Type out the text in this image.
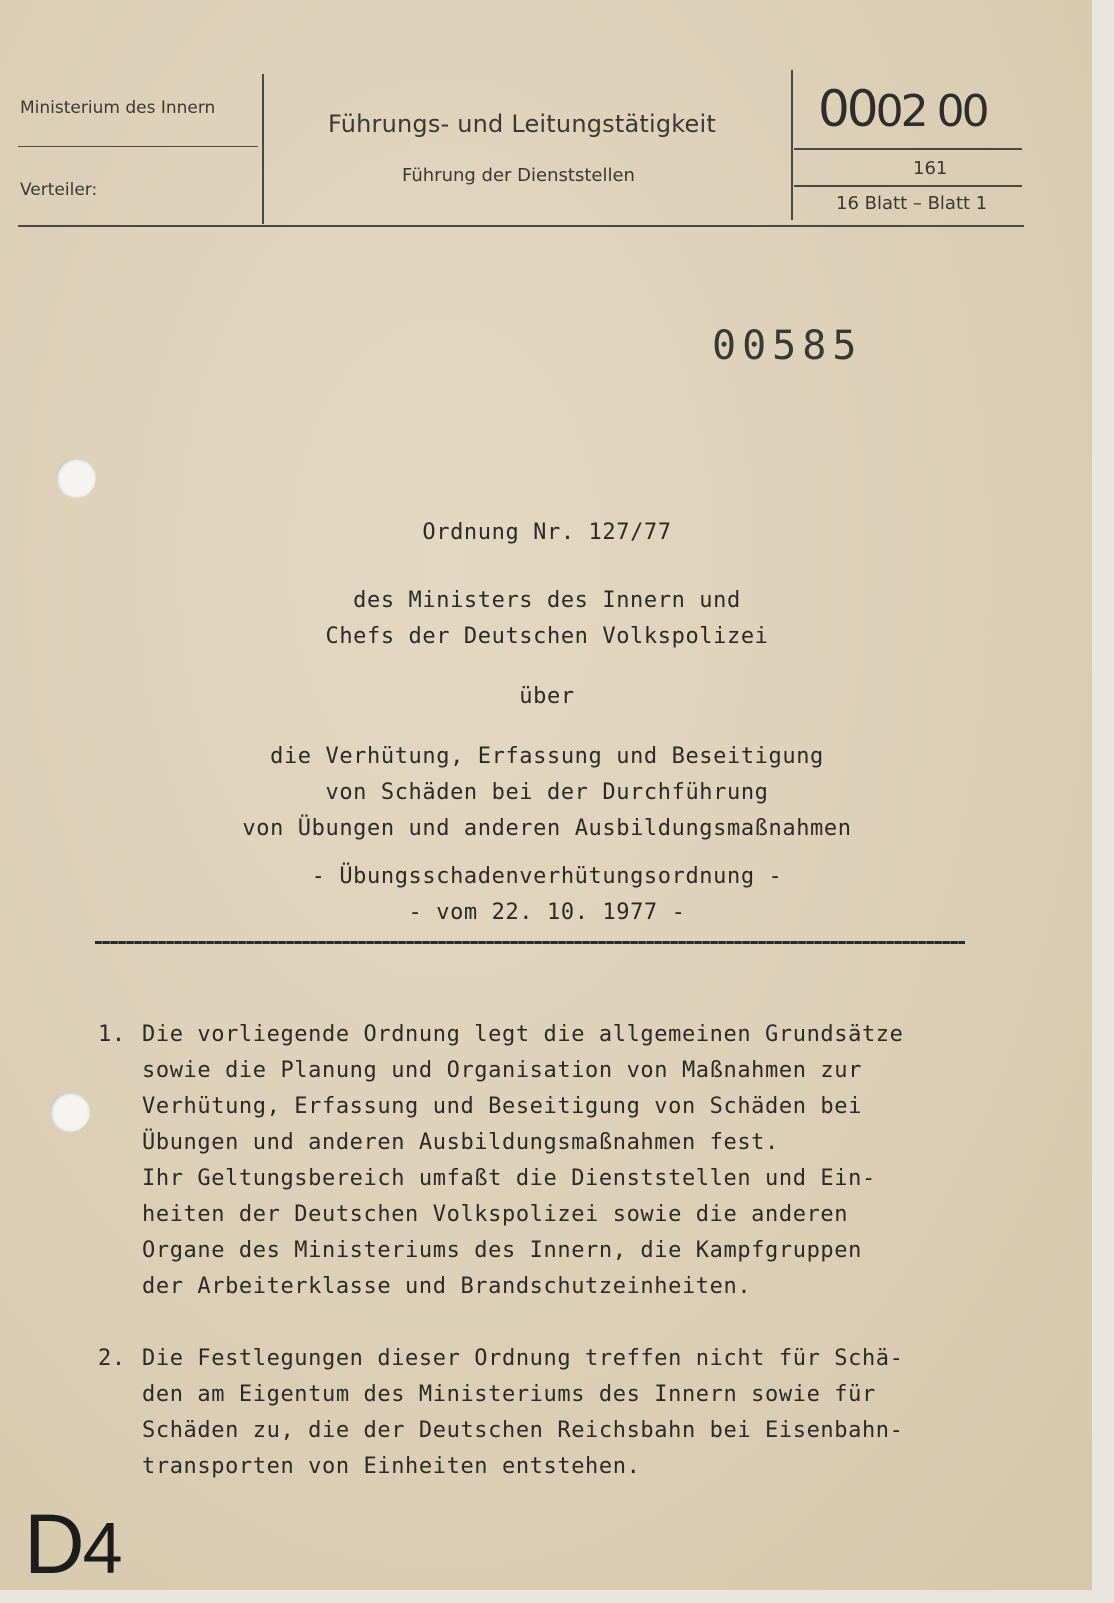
Ministerium des Innern
Verteiler:
Führungs- und Leitungstätigkeit
Führung der Dienststellen
0002 00
161
16 Blatt – Blatt 1
00585
Ordnung Nr. 127/77
des Ministers des Innern und
Chefs der Deutschen Volkspolizei
über
die Verhütung, Erfassung und Beseitigung
von Schäden bei der Durchführung
von Übungen und anderen Ausbildungsmaßnahmen
- Übungsschadenverhütungsordnung -
- vom 22. 10. 1977 -
1. Die vorliegende Ordnung legt die allgemeinen Grundsätze
sowie die Planung und Organisation von Maßnahmen zur
Verhütung, Erfassung und Beseitigung von Schäden bei
Übungen und anderen Ausbildungsmaßnahmen fest.
Ihr Geltungsbereich umfaßt die Dienststellen und Ein-
heiten der Deutschen Volkspolizei sowie die anderen
Organe des Ministeriums des Innern, die Kampfgruppen
der Arbeiterklasse und Brandschutzeinheiten.
2. Die Festlegungen dieser Ordnung treffen nicht für Schä-
den am Eigentum des Ministeriums des Innern sowie für
Schäden zu, die der Deutschen Reichsbahn bei Eisenbahn-
transporten von Einheiten entstehen.
D4
